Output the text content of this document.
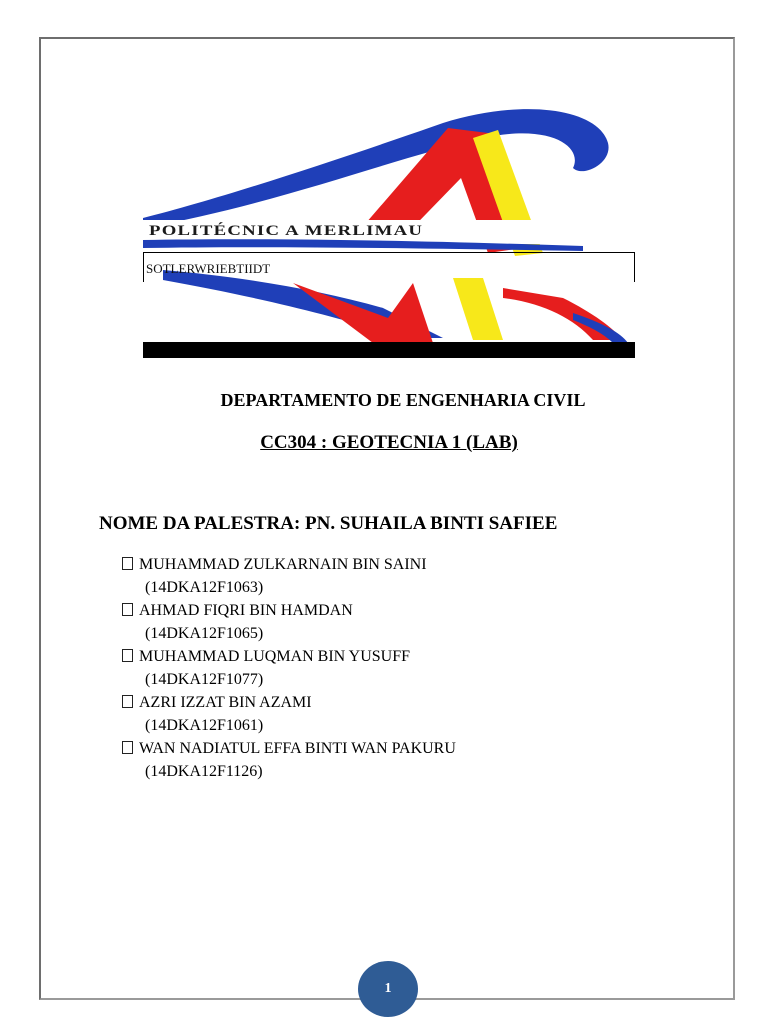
POLITÉCNIC A MERLIMAU
SOTLERWRIEBTIIDT
DEPARTAMENTO DE ENGENHARIA CIVIL
CC304 : GEOTECNIA 1 (LAB)
NOME DA PALESTRA: PN. SUHAILA BINTI SAFIEE
MUHAMMAD ZULKARNAIN BIN SAINI
(14DKA12F1063)
AHMAD FIQRI BIN HAMDAN
(14DKA12F1065)
MUHAMMAD LUQMAN BIN YUSUFF
(14DKA12F1077)
AZRI IZZAT BIN AZAMI
(14DKA12F1061)
WAN NADIATUL EFFA BINTI WAN PAKURU
(14DKA12F1126)
1
